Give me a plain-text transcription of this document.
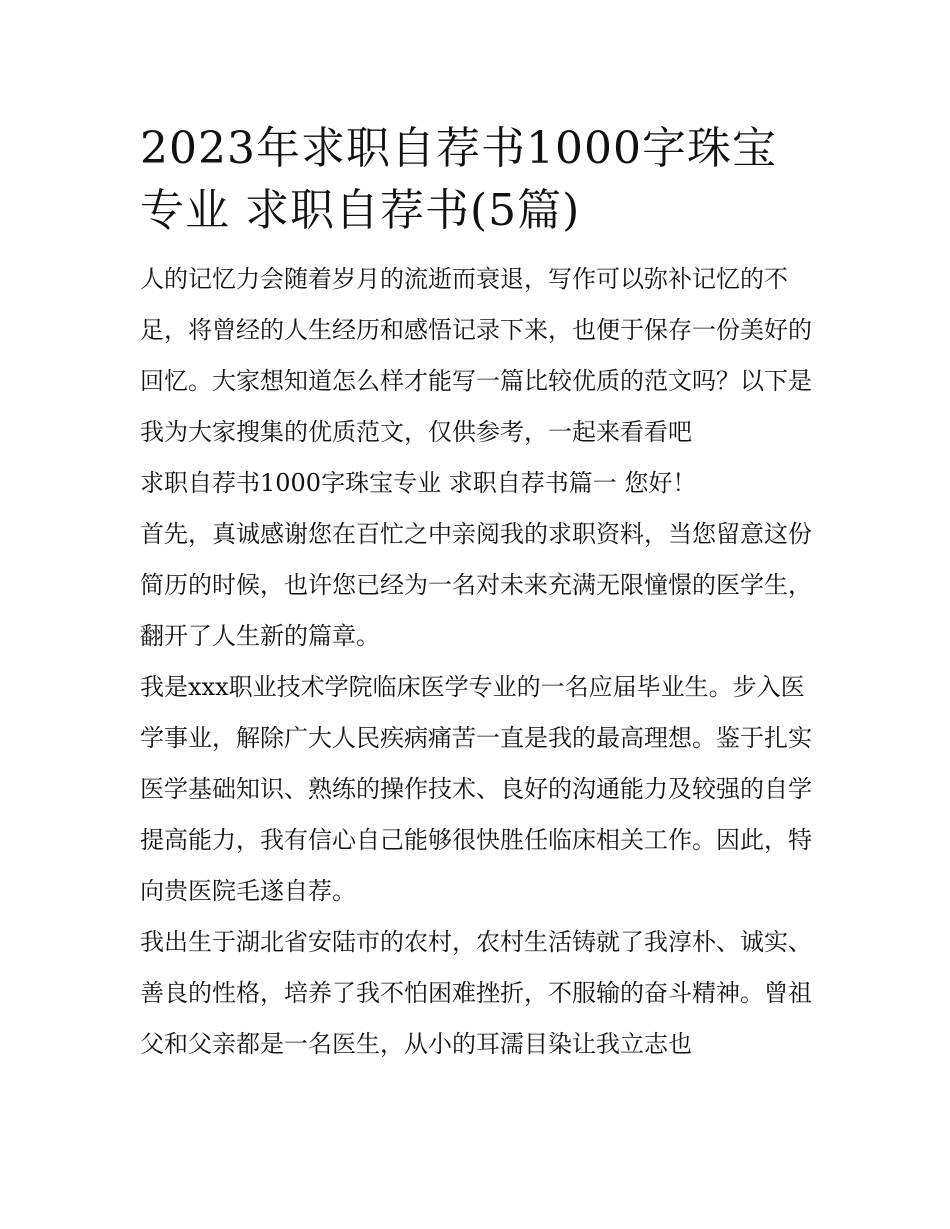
2023年求职自荐书1000字珠宝专业 求职自荐书(5篇)

人的记忆力会随着岁月的流逝而衰退，写作可以弥补记忆的不足，将曾经的人生经历和感悟记录下来，也便于保存一份美好的回忆。大家想知道怎么样才能写一篇比较优质的范文吗？以下是我为大家搜集的优质范文，仅供参考，一起来看看吧

求职自荐书1000字珠宝专业 求职自荐书篇一 您好！

首先，真诚感谢您在百忙之中亲阅我的求职资料，当您留意这份简历的时候，也许您已经为一名对未来充满无限憧憬的医学生，翻开了人生新的篇章。

我是xxx职业技术学院临床医学专业的一名应届毕业生。步入医学事业，解除广大人民疾病痛苦一直是我的最高理想。鉴于扎实医学基础知识、熟练的操作技术、良好的沟通能力及较强的自学提高能力，我有信心自己能够很快胜任临床相关工作。因此，特向贵医院毛遂自荐。

我出生于湖北省安陆市的农村，农村生活铸就了我淳朴、诚实、善良的性格，培养了我不怕困难挫折，不服输的奋斗精神。曾祖父和父亲都是一名医生，从小的耳濡目染让我立志也
